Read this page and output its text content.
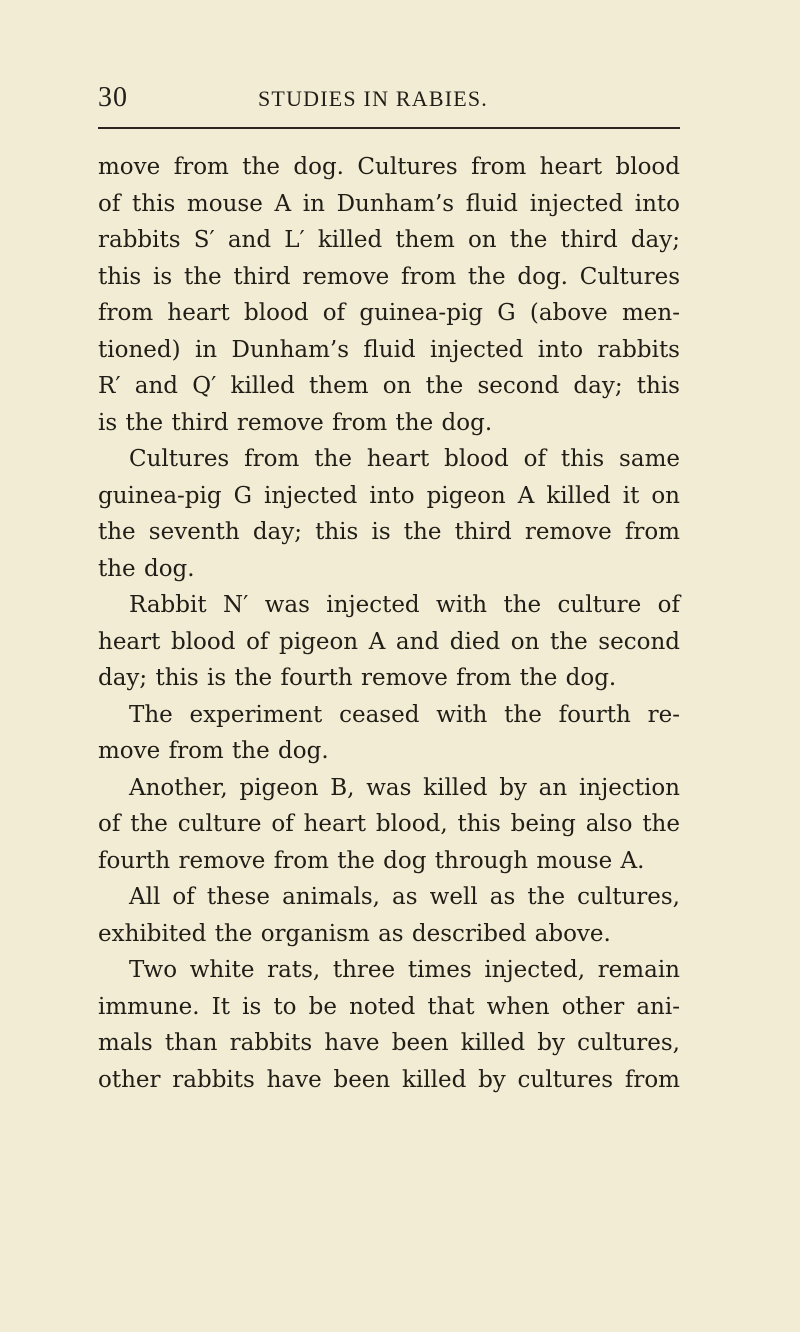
30	STUDIES IN RABIES.
move from the dog. Cultures from heart blood
of this mouse A in Dunham’s fluid injected into
rabbits S′ and L′ killed them on the third day;
this is the third remove from the dog. Cultures
from heart blood of guinea-pig G (above men-
tioned) in Dunham’s fluid injected into rabbits
R′ and Q′ killed them on the second day; this
is the third remove from the dog.
Cultures from the heart blood of this same
guinea-pig G injected into pigeon A killed it on
the seventh day; this is the third remove from
the dog.
Rabbit N′ was injected with the culture of
heart blood of pigeon A and died on the second
day; this is the fourth remove from the dog.
The experiment ceased with the fourth re-
move from the dog.
Another, pigeon B, was killed by an injection
of the culture of heart blood, this being also the
fourth remove from the dog through mouse A.
All of these animals, as well as the cultures,
exhibited the organism as described above.
Two white rats, three times injected, remain
immune. It is to be noted that when other ani-
mals than rabbits have been killed by cultures,
other rabbits have been killed by cultures from
